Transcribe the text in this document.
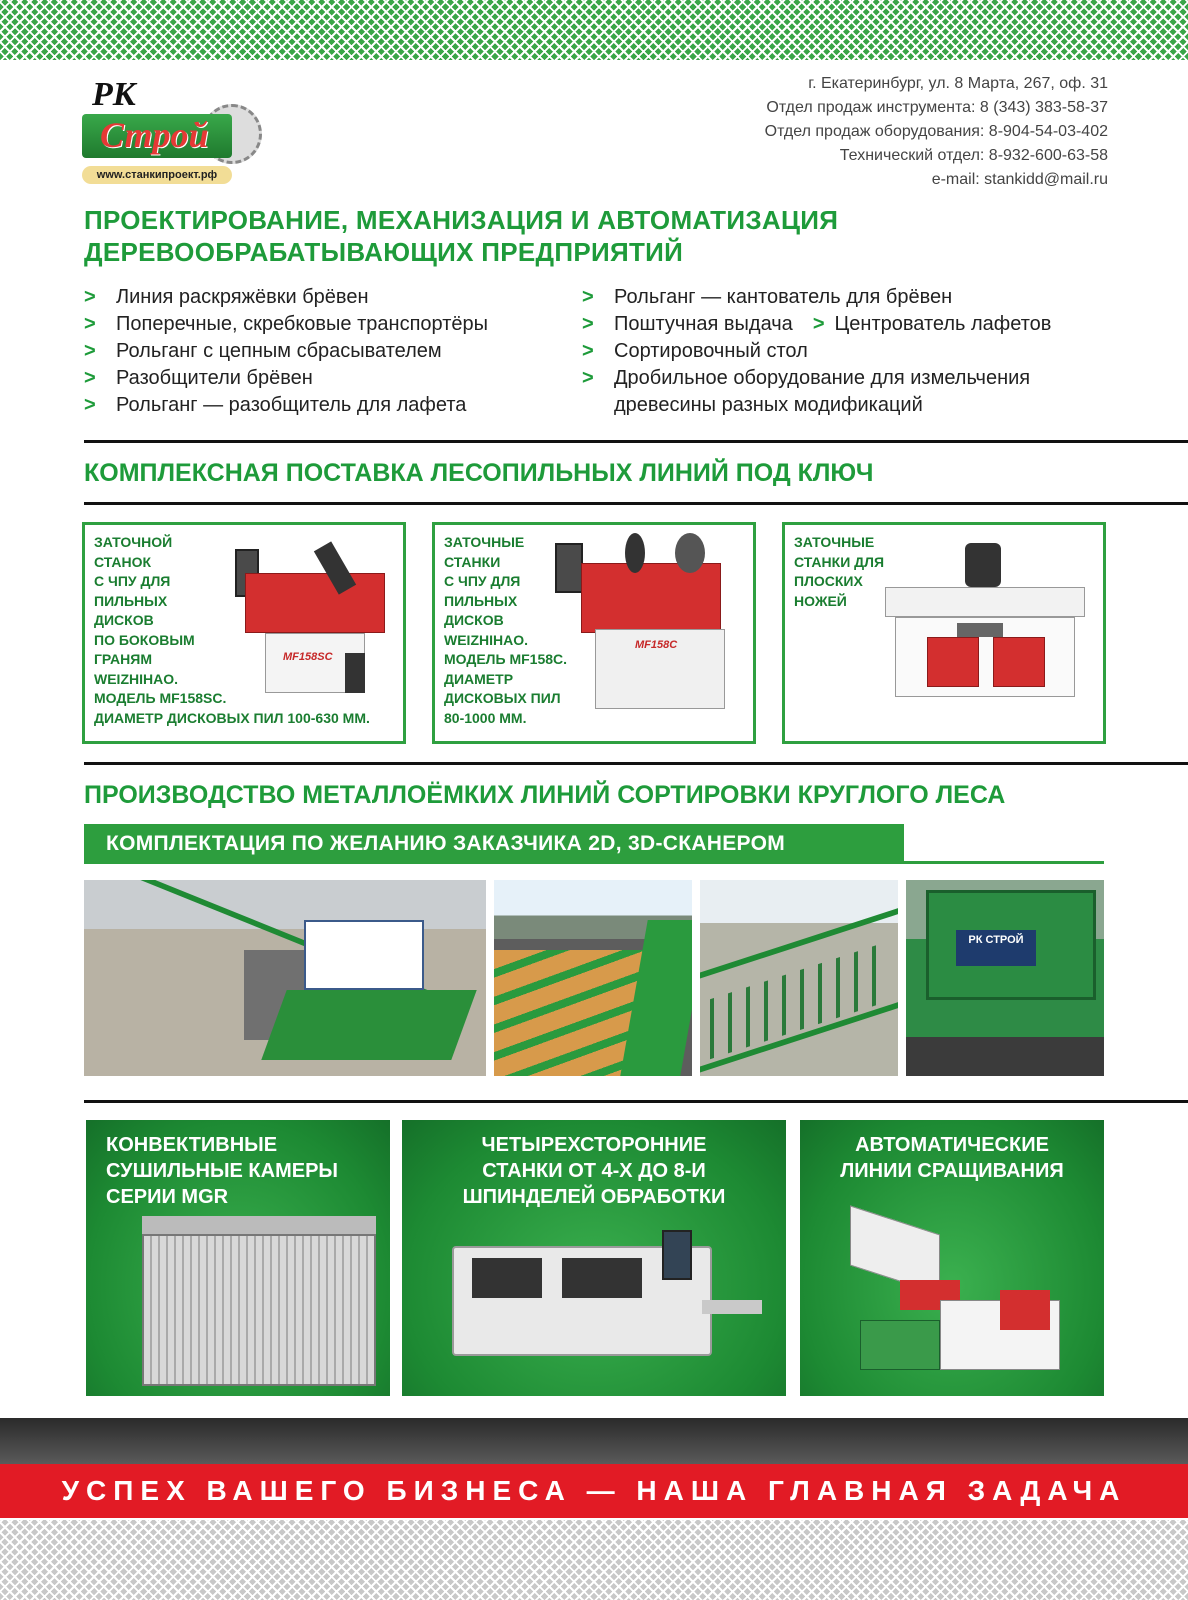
РК
Строй
www.станкипроект.рф
г. Екатеринбург, ул. 8 Марта, 267, оф. 31
Отдел продаж инструмента: 8 (343) 383-58-37
Отдел продаж оборудования: 8-904-54-03-402
Технический отдел: 8-932-600-63-58
e-mail: stankidd@mail.ru
ПРОЕКТИРОВАНИЕ, МЕХАНИЗАЦИЯ И АВТОМАТИЗАЦИЯ ДЕРЕВООБРАБАТЫВАЮЩИХ ПРЕДПРИЯТИЙ
> Линия раскряжёвки брёвен
> Поперечные, скребковые транспортёры
> Рольганг с цепным сбрасывателем
> Разобщители брёвен
> Рольганг — разобщитель для лафета
> Рольганг — кантователь для брёвен
> Поштучная выдача > Центрователь лафетов
> Сортировочный стол
> Дробильное оборудование для измельчения древесины разных модификаций
КОМПЛЕКСНАЯ ПОСТАВКА ЛЕСОПИЛЬНЫХ ЛИНИЙ ПОД КЛЮЧ
ЗАТОЧНОЙ
СТАНОК
С ЧПУ ДЛЯ
ПИЛЬНЫХ
ДИСКОВ
ПО БОКОВЫМ
ГРАНЯМ
WEIZHIHAO.
МОДЕЛЬ MF158SC.
ДИАМЕТР ДИСКОВЫХ ПИЛ 100-630 ММ.
MF158SC
ЗАТОЧНЫЕ
СТАНКИ
С ЧПУ ДЛЯ
ПИЛЬНЫХ
ДИСКОВ
WEIZHIHAO.
МОДЕЛЬ MF158C.
ДИАМЕТР
ДИСКОВЫХ ПИЛ
80-1000 ММ.
MF158C
ЗАТОЧНЫЕ
СТАНКИ ДЛЯ
ПЛОСКИХ
НОЖЕЙ
ПРОИЗВОДСТВО МЕТАЛЛОЁМКИХ ЛИНИЙ СОРТИРОВКИ КРУГЛОГО ЛЕСА
КОМПЛЕКТАЦИЯ ПО ЖЕЛАНИЮ ЗАКАЗЧИКА 2D, 3D-СКАНЕРОМ
РК СТРОЙ
КОНВЕКТИВНЫЕ
СУШИЛЬНЫЕ КАМЕРЫ
СЕРИИ MGR
ЧЕТЫРЕХСТОРОННИЕ
СТАНКИ ОТ 4-Х ДО 8-И
ШПИНДЕЛЕЙ ОБРАБОТКИ
АВТОМАТИЧЕСКИЕ
ЛИНИИ СРАЩИВАНИЯ
УСПЕХ ВАШЕГО БИЗНЕСА — НАША ГЛАВНАЯ ЗАДАЧА
